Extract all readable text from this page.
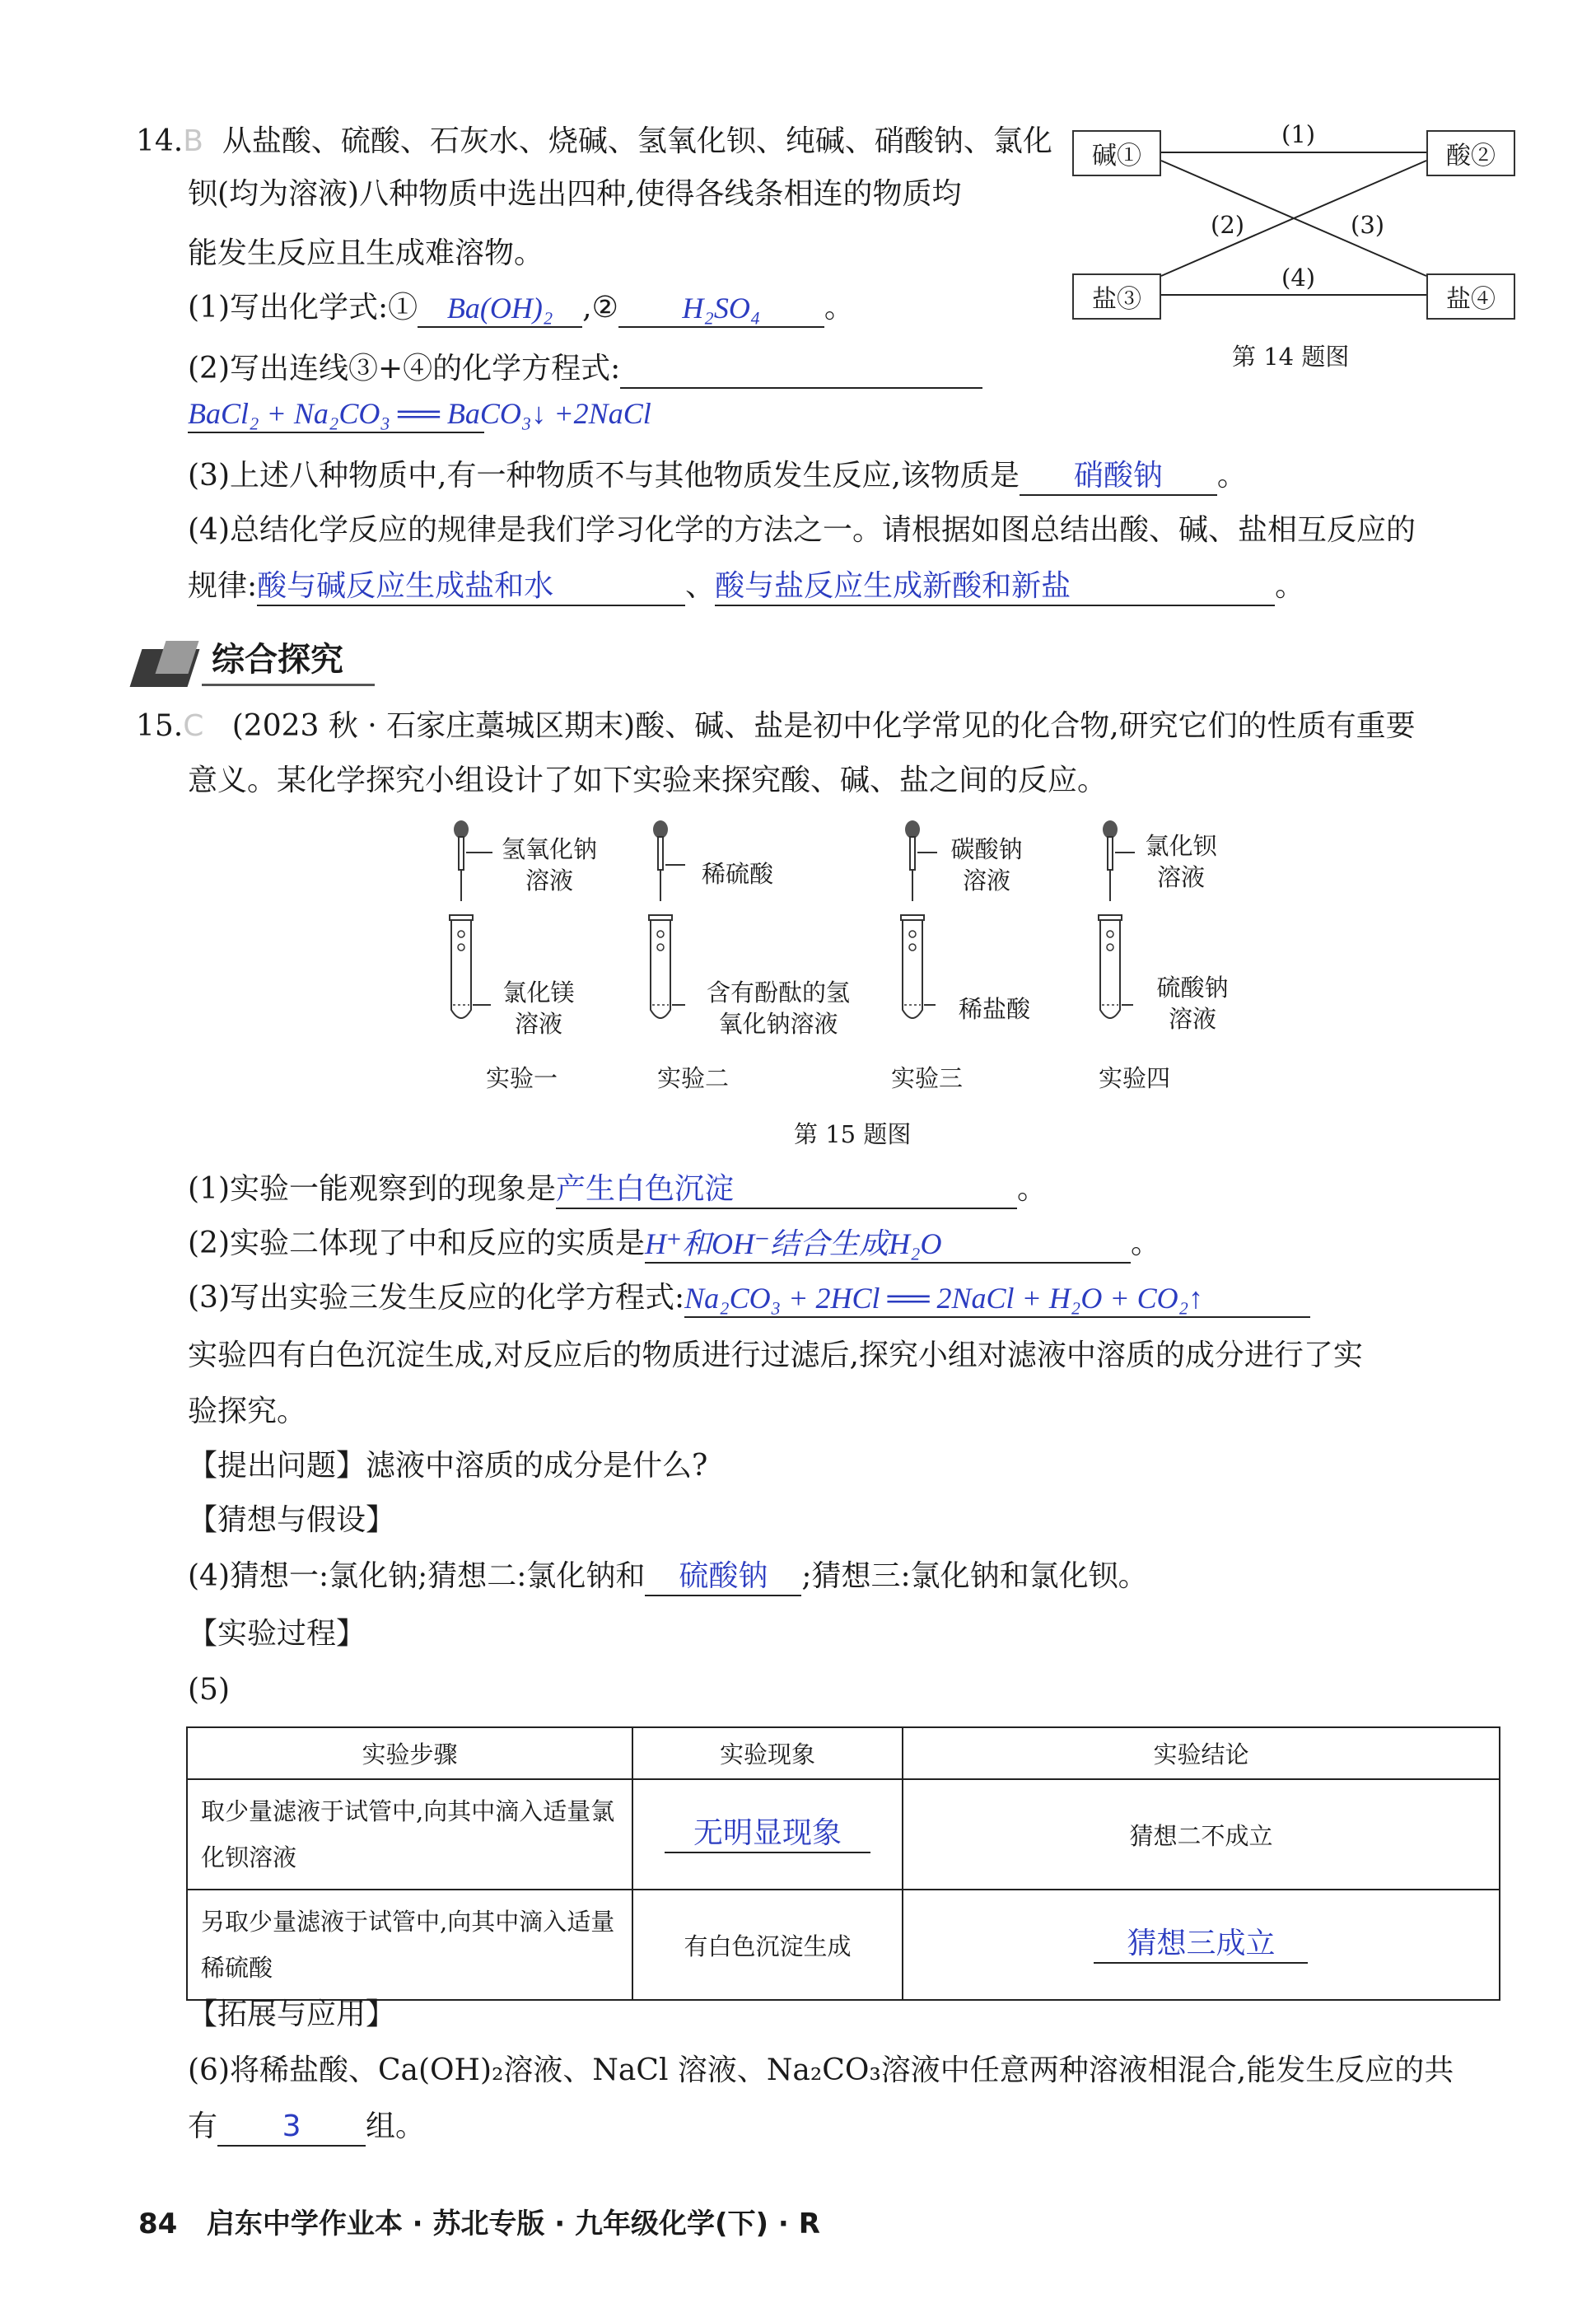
14.B 从盐酸、硫酸、石灰水、烧碱、氢氧化钡、纯碱、硝酸钠、氯化
钡(均为溶液)八种物质中选出四种,使得各线条相连的物质均
能发生反应且生成难溶物。
(1)写出化学式:① Ba(OH)₂ ,② H₂SO₄ 。
(2)写出连线③+④的化学方程式:
BaCl₂ + Na₂CO₃ ══ BaCO₃↓ +2NaCl
(3)上述八种物质中,有一种物质不与其他物质发生反应,该物质是 硝酸钠 。
(4)总结化学反应的规律是我们学习化学的方法之一。请根据如图总结出酸、碱、盐相互反应的
规律:酸与碱反应生成盐和水	、酸与盐反应生成新酸和新盐	。
碱①	酸②
盐③	盐④
(1)
(2)	(3)
(4)
第 14 题图
综合探究
15.C (2023 秋 · 石家庄藁城区期末)酸、碱、盐是初中化学常见的化合物,研究它们的性质有重要
意义。某化学探究小组设计了如下实验来探究酸、碱、盐之间的反应。
氢氧化钠
溶液
氯化镁
溶液
实验一
稀硫酸
含有酚酞的氢
氧化钠溶液
实验二
碳酸钠
溶液
稀盐酸
实验三
氯化钡
溶液
硫酸钠
溶液
实验四
第 15 题图
(1)实验一能观察到的现象是产生白色沉淀	。
(2)实验二体现了中和反应的实质是H⁺和OH⁻结合生成H₂O	。
(3)写出实验三发生反应的化学方程式:Na₂CO₃ + 2HCl ══ 2NaCl + H₂O + CO₂↑
实验四有白色沉淀生成,对反应后的物质进行过滤后,探究小组对滤液中溶质的成分进行了实
验探究。
【提出问题】滤液中溶质的成分是什么?
【猜想与假设】
(4)猜想一:氯化钠;猜想二:氯化钠和 硫酸钠 ;猜想三:氯化钠和氯化钡。
【实验过程】
(5)
实验步骤	实验现象	实验结论
取少量滤液于试管中,向其中滴入适量氯化钡溶液	无明显现象	猜想二不成立
另取少量滤液于试管中,向其中滴入适量稀硫酸	有白色沉淀生成	猜想三成立
【拓展与应用】
(6)将稀盐酸、Ca(OH)₂溶液、NaCl 溶液、Na₂CO₃溶液中任意两种溶液相混合,能发生反应的共
有 3 组。
84 启东中学作业本 · 苏北专版 · 九年级化学(下) · R
